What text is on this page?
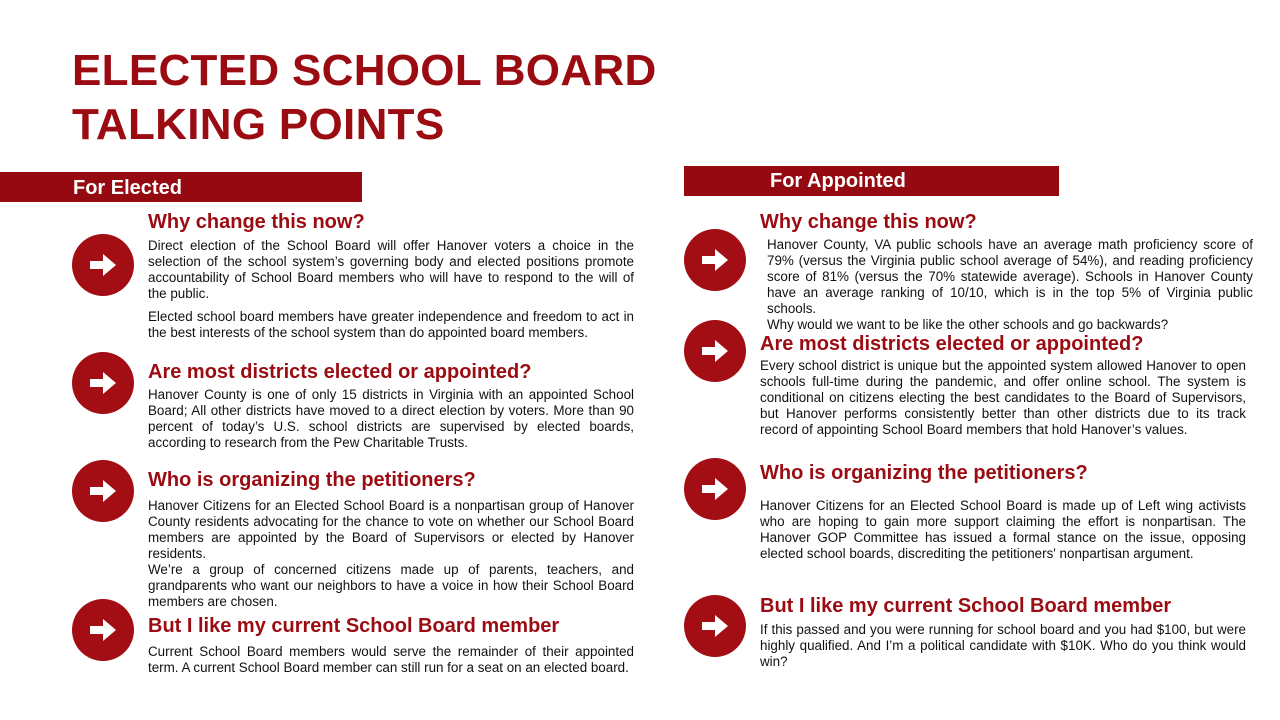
ELECTED SCHOOL BOARD
TALKING POINTS
For Elected
Why change this now?

Direct election of the School Board will offer Hanover voters a choice in the selection of the school system’s governing body and elected positions promote accountability of School Board members who will have to respond to the will of the public.

Elected school board members have greater independence and freedom to act in the best interests of the school system than do appointed board members.

Are most districts elected or appointed?

Hanover County is one of only 15 districts in Virginia with an appointed School Board; All other districts have moved to a direct election by voters. More than 90 percent of today’s U.S. school districts are supervised by elected boards, according to research from the Pew Charitable Trusts.

Who is organizing the petitioners?

Hanover Citizens for an Elected School Board is a nonpartisan group of Hanover County residents advocating for the chance to vote on whether our School Board members are appointed by the Board of Supervisors or elected by Hanover residents.

We’re a group of concerned citizens made up of parents, teachers, and grandparents who want our neighbors to have a voice in how their School Board members are chosen.

But I like my current School Board member

Current School Board members would serve the remainder of their appointed term. A current School Board member can still run for a seat on an elected board.

For Appointed
Why change this now?

Hanover County, VA public schools have an average math proficiency score of 79% (versus the Virginia public school average of 54%), and reading proficiency score of 81% (versus the 70% statewide average). Schools in Hanover County have an average ranking of 10/10, which is in the top 5% of Virginia public schools.

Why would we want to be like the other schools and go backwards?

Are most districts elected or appointed?

Every school district is unique but the appointed system allowed Hanover to open schools full-time during the pandemic, and offer online school. The system is conditional on citizens electing the best candidates to the Board of Supervisors, but Hanover performs consistently better than other districts due to its track record of appointing School Board members that hold Hanover’s values.

Who is organizing the petitioners?

Hanover Citizens for an Elected School Board is made up of Left wing activists who are hoping to gain more support claiming the effort is nonpartisan. The Hanover GOP Committee has issued a formal stance on the issue, opposing elected school boards, discrediting the petitioners' nonpartisan argument.

But I like my current School Board member

If this passed and you were running for school board and you had $100, but were highly qualified. And I’m a political candidate with $10K. Who do you think would win?
